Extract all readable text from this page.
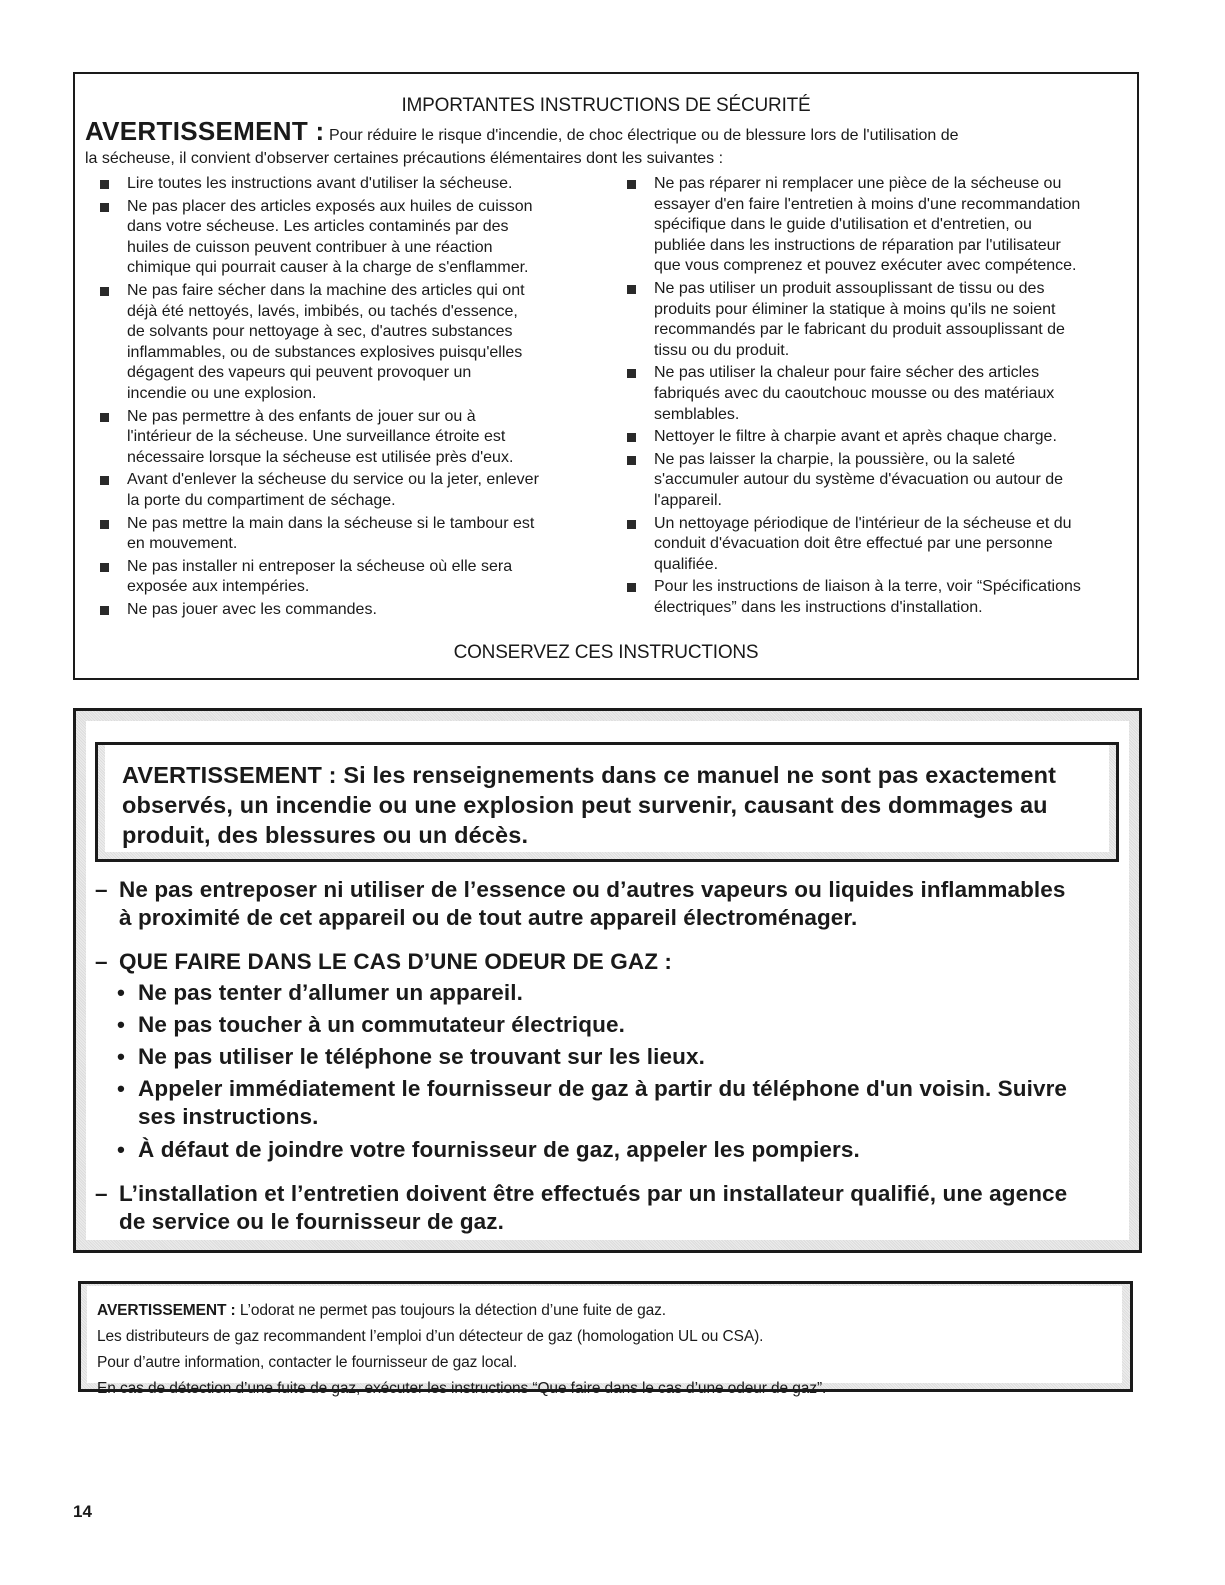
IMPORTANTES INSTRUCTIONS DE SÉCURITÉ
AVERTISSEMENT : Pour réduire le risque d'incendie, de choc électrique ou de blessure lors de l'utilisation de
la sécheuse, il convient d'observer certaines précautions élémentaires dont les suivantes :
Lire toutes les instructions avant d'utiliser la sécheuse.
Ne pas placer des articles exposés aux huiles de cuisson
dans votre sécheuse. Les articles contaminés par des
huiles de cuisson peuvent contribuer à une réaction
chimique qui pourrait causer à la charge de s'enflammer.
Ne pas faire sécher dans la machine des articles qui ont
déjà été nettoyés, lavés, imbibés, ou tachés d'essence,
de solvants pour nettoyage à sec, d'autres substances
inflammables, ou de substances explosives puisqu'elles
dégagent des vapeurs qui peuvent provoquer un
incendie ou une explosion.
Ne pas permettre à des enfants de jouer sur ou à
l'intérieur de la sécheuse. Une surveillance étroite est
nécessaire lorsque la sécheuse est utilisée près d'eux.
Avant d'enlever la sécheuse du service ou la jeter, enlever
la porte du compartiment de séchage.
Ne pas mettre la main dans la sécheuse si le tambour est
en mouvement.
Ne pas installer ni entreposer la sécheuse où elle sera
exposée aux intempéries.
Ne pas jouer avec les commandes.
Ne pas réparer ni remplacer une pièce de la sécheuse ou
essayer d'en faire l'entretien à moins d'une recommandation
spécifique dans le guide d'utilisation et d'entretien, ou
publiée dans les instructions de réparation par l'utilisateur
que vous comprenez et pouvez exécuter avec compétence.
Ne pas utiliser un produit assouplissant de tissu ou des
produits pour éliminer la statique à moins qu'ils ne soient
recommandés par le fabricant du produit assouplissant de
tissu ou du produit.
Ne pas utiliser la chaleur pour faire sécher des articles
fabriqués avec du caoutchouc mousse ou des matériaux
semblables.
Nettoyer le filtre à charpie avant et après chaque charge.
Ne pas laisser la charpie, la poussière, ou la saleté
s'accumuler autour du système d'évacuation ou autour de
l'appareil.
Un nettoyage périodique de l'intérieur de la sécheuse et du
conduit d'évacuation doit être effectué par une personne
qualifiée.
Pour les instructions de liaison à la terre, voir “Spécifications
électriques” dans les instructions d'installation.
CONSERVEZ CES INSTRUCTIONS
AVERTISSEMENT : Si les renseignements dans ce manuel ne sont pas exactement
observés, un incendie ou une explosion peut survenir, causant des dommages au
produit, des blessures ou un décès.
– Ne pas entreposer ni utiliser de l’essence ou d’autres vapeurs ou liquides inflammables
à proximité de cet appareil ou de tout autre appareil électroménager.
– QUE FAIRE DANS LE CAS D’UNE ODEUR DE GAZ :
• Ne pas tenter d’allumer un appareil.
• Ne pas toucher à un commutateur électrique.
• Ne pas utiliser le téléphone se trouvant sur les lieux.
• Appeler immédiatement le fournisseur de gaz à partir du téléphone d'un voisin. Suivre
ses instructions.
• À défaut de joindre votre fournisseur de gaz, appeler les pompiers.
– L’installation et l’entretien doivent être effectués par un installateur qualifié, une agence
de service ou le fournisseur de gaz.
AVERTISSEMENT : L’odorat ne permet pas toujours la détection d’une fuite de gaz.
Les distributeurs de gaz recommandent l’emploi d’un détecteur de gaz (homologation UL ou CSA).
Pour d’autre information, contacter le fournisseur de gaz local.
En cas de détection d’une fuite de gaz, exécuter les instructions “Que faire dans le cas d’une odeur de gaz”.
14
